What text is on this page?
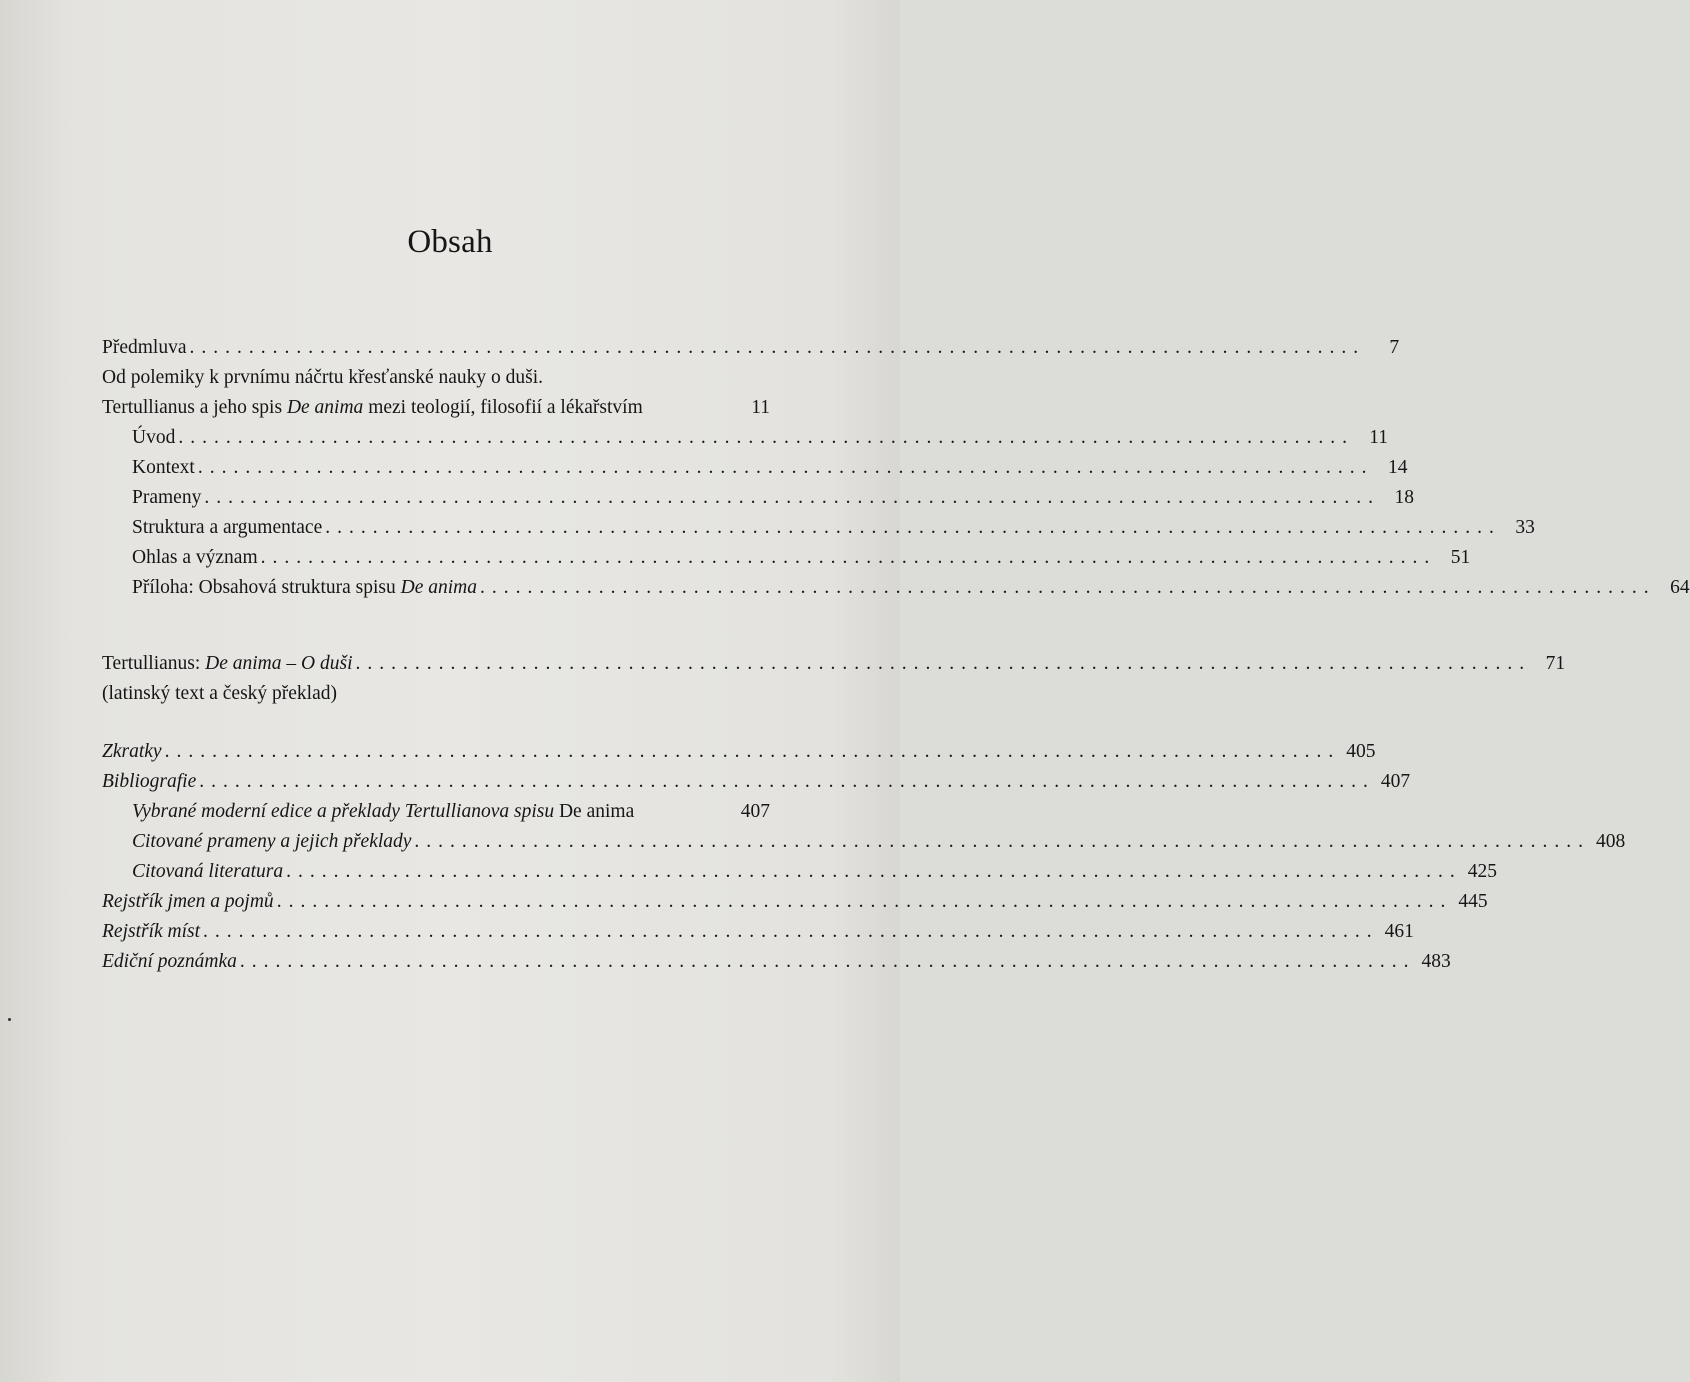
Obsah
Předmluva ...................................................................................................	7
Od polemiky k prvnímu náčrtu křesťanské nauky o duši.
Tertullianus a jeho spis De anima mezi teologií, filosofií a lékařstvím	11
Úvod ................................................................................................... 11
Kontext ................................................................................................... 14
Prameny ................................................................................................... 18
Struktura a argumentace ................................................................................................... 33
Ohlas a význam ................................................................................................... 51
Příloha: Obsahová struktura spisu De anima ................................................................................................... 64
Tertullianus: De anima – O duši ................................................................................................... 71
(latinský text a český překlad)
Zkratky ................................................................................................... 405
Bibliografie ................................................................................................... 407
Vybrané moderní edice a překlady Tertullianova spisu De anima	407
Citované prameny a jejich překlady ................................................................................................... 408
Citovaná literatura ................................................................................................... 425
Rejstřík jmen a pojmů ................................................................................................... 445
Rejstřík míst ................................................................................................... 461
Ediční poznámka ................................................................................................... 483
